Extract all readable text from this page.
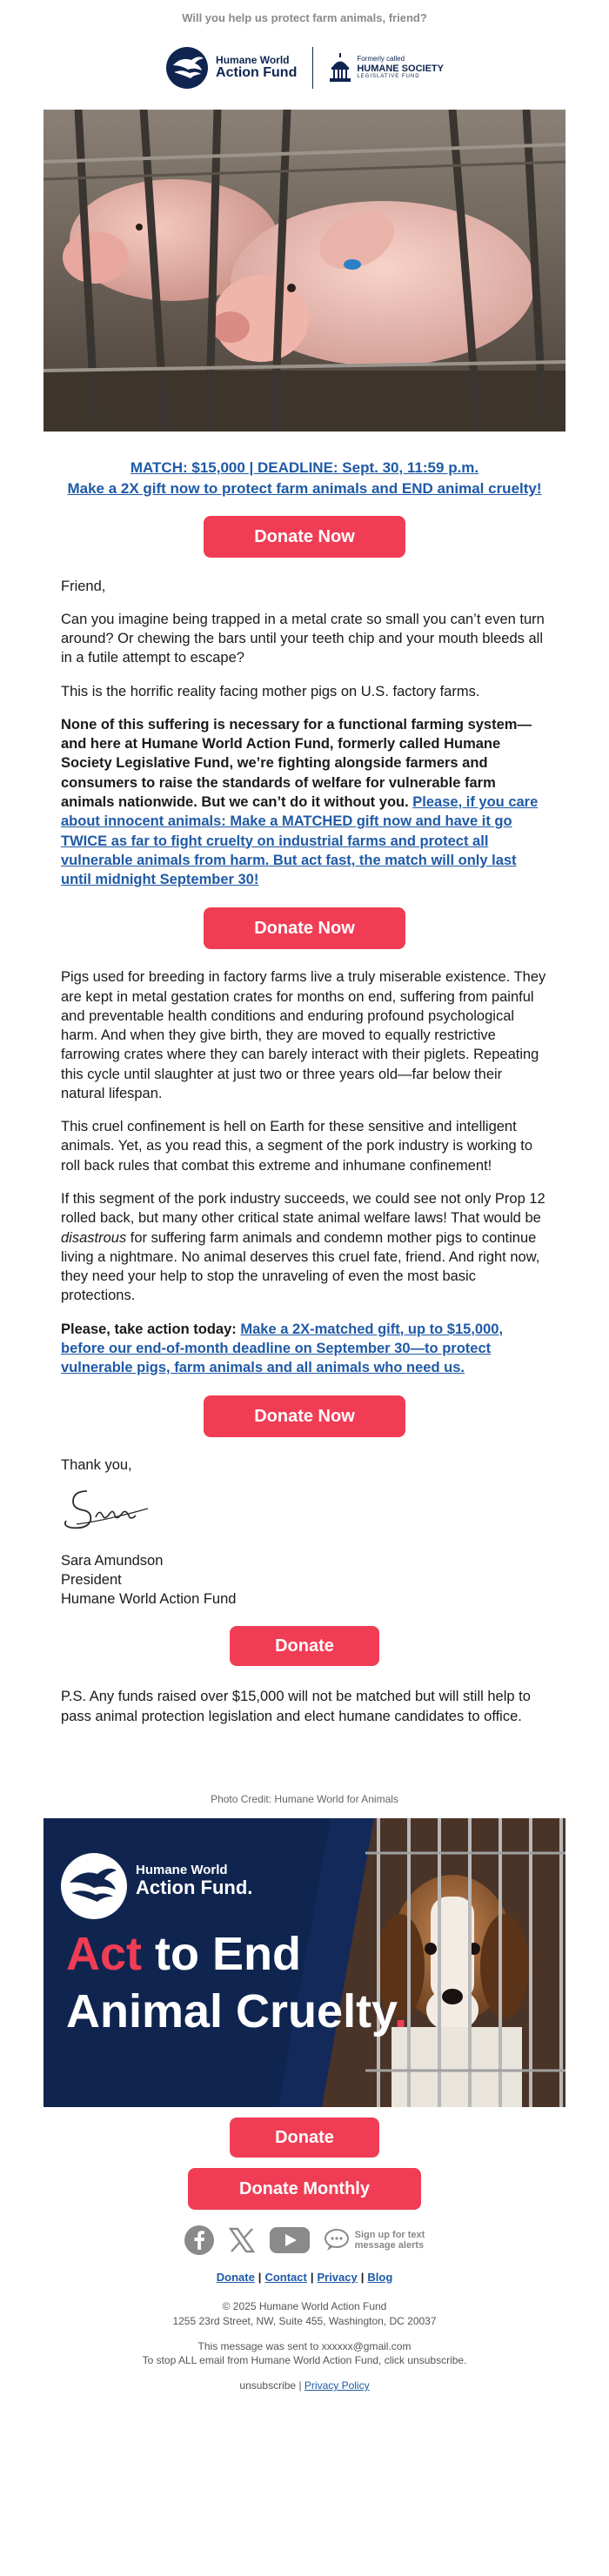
Will you help us protect farm animals, friend?
Humane World
Action Fund
Formerly called
HUMANE SOCIETY
LEGISLATIVE FUND
MATCH: $15,000 | DEADLINE: Sept. 30, 11:59 p.m.
Make a 2X gift now to protect farm animals and END animal cruelty!
Donate Now

Friend,

Can you imagine being trapped in a metal crate so small you can’t even turn around? Or chewing the bars until your teeth chip and your mouth bleeds all in a futile attempt to escape?

This is the horrific reality facing mother pigs on U.S. factory farms.

None of this suffering is necessary for a functional farming system—and here at Humane World Action Fund, formerly called Humane Society Legislative Fund, we’re fighting alongside farmers and consumers to raise the standards of welfare for vulnerable farm animals nationwide. But we can’t do it without you. Please, if you care about innocent animals: Make a MATCHED gift now and have it go TWICE as far to fight cruelty on industrial farms and protect all vulnerable animals from harm. But act fast, the match will only last until midnight September 30!

Donate Now

Pigs used for breeding in factory farms live a truly miserable existence. They are kept in metal gestation crates for months on end, suffering from painful and preventable health conditions and enduring profound psychological harm. And when they give birth, they are moved to equally restrictive farrowing crates where they can barely interact with their piglets. Repeating this cycle until slaughter at just two or three years old—far below their natural lifespan.

This cruel confinement is hell on Earth for these sensitive and intelligent animals. Yet, as you read this, a segment of the pork industry is working to roll back rules that combat this extreme and inhumane confinement!

If this segment of the pork industry succeeds, we could see not only Prop 12 rolled back, but many other critical state animal welfare laws! That would be disastrous for suffering farm animals and condemn mother pigs to continue living a nightmare. No animal deserves this cruel fate, friend. And right now, they need your help to stop the unraveling of even the most basic protections.

Please, take action today: Make a 2X-matched gift, up to $15,000, before our end-of-month deadline on September 30—to protect vulnerable pigs, farm animals and all animals who need us.

Donate Now

Thank you,

Sara Amundson

President

Humane World Action Fund

Donate

P.S. Any funds raised over $15,000 will not be matched but will still help to pass animal protection legislation and elect humane candidates to office.

Photo Credit: Humane World for Animals
Humane World
Action Fund.
Act to End
Animal Cruelty.
Donate
Donate Monthly
Sign up for text
message alerts
Donate | Contact | Privacy | Blog
© 2025 Humane World Action Fund
1255 23rd Street, NW, Suite 455, Washington, DC 20037
This message was sent to xxxxxx@gmail.com
To stop ALL email from Humane World Action Fund, click unsubscribe.
unsubscribe | Privacy Policy
